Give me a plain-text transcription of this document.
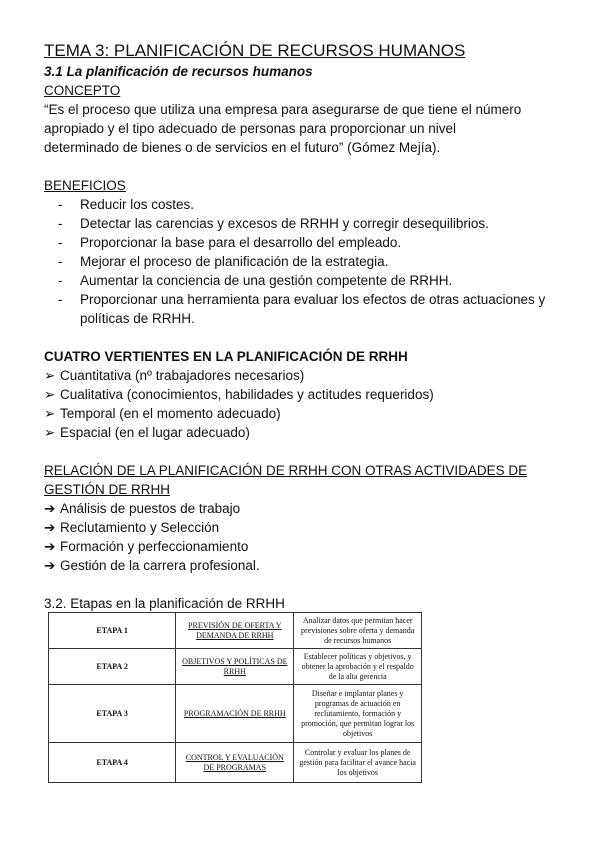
TEMA 3: PLANIFICACIÓN DE RECURSOS HUMANOS
3.1 La planificación de recursos humanos
CONCEPTO

“Es el proceso que utiliza una empresa para asegurarse de que tiene el número

apropiado y el tipo adecuado de personas para proporcionar un nivel

determinado de bienes o de servicios en el futuro” (Gómez Mejía).

BENEFICIOS
- Reducir los costes.
- Detectar las carencias y excesos de RRHH y corregir desequilibrios.
- Proporcionar la base para el desarrollo del empleado.
- Mejorar el proceso de planificación de la estrategia.
- Aumentar la conciencia de una gestión competente de RRHH.
- Proporcionar una herramienta para evaluar los efectos de otras actuaciones y políticas de RRHH.
CUATRO VERTIENTES EN LA PLANIFICACIÓN DE RRHH
➢ Cuantitativa (nº trabajadores necesarios)
➢ Cualitativa (conocimientos, habilidades y actitudes requeridos)
➢ Temporal (en el momento adecuado)
➢ Espacial (en el lugar adecuado)
RELACIÓN DE LA PLANIFICACIÓN DE RRHH CON OTRAS ACTIVIDADES DE
GESTIÓN DE RRHH
➔ Análisis de puestos de trabajo
➔ Reclutamiento y Selección
➔ Formación y perfeccionamiento
➔ Gestión de la carrera profesional.

3.2. Etapas en la planificación de RRHH

ETAPA 1	PREVISIÓN DE OFERTA Y DEMANDA DE RRHH	Analizar datos que permitan hacer previsiones sobre oferta y demanda de recursos humanos
ETAPA 2	OBJETIVOS Y POLÍTICAS DE RRHH	Establecer políticas y objetivos, y obtener la aprobación y el respaldo de la alta gerencia
ETAPA 3	PROGRAMACIÓN DE RRHH	Diseñar e implantar planes y programas de actuación en reclutamiento, formación y promoción, que permitan lograr los objetivos
ETAPA 4	CONTROL Y EVALUACIÓN DE PROGRAMAS	Controlar y evaluar los planes de gestión para facilitar el avance hacia los objetivos
